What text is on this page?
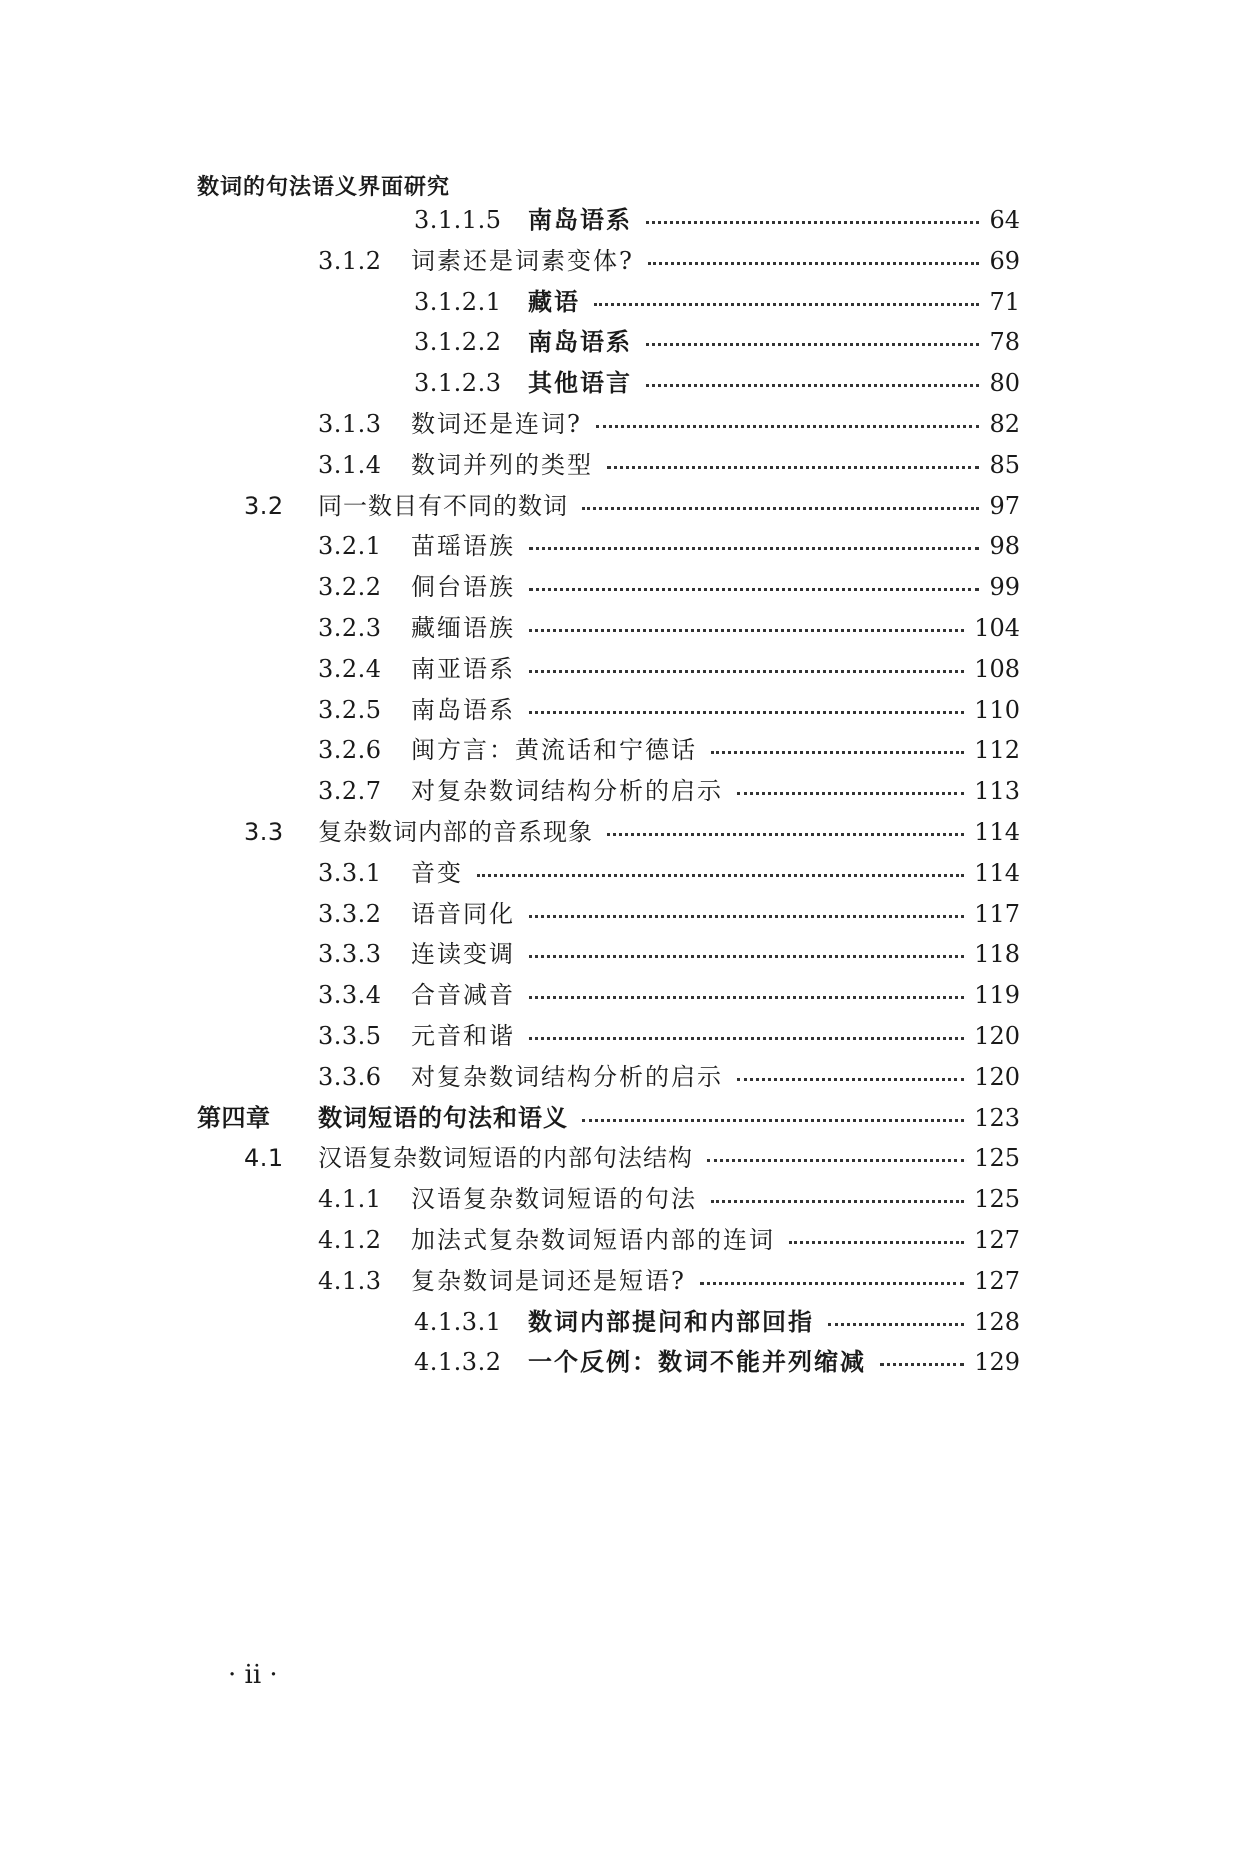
数词的句法语义界面研究
3.1.1.5 南岛语系	64
3.1.2 词素还是词素变体?	69
3.1.2.1 藏语	71
3.1.2.2 南岛语系	78
3.1.2.3 其他语言	80
3.1.3 数词还是连词?	82
3.1.4 数词并列的类型	85
3.2 同一数目有不同的数词	97
3.2.1 苗瑶语族	98
3.2.2 侗台语族	99
3.2.3 藏缅语族	104
3.2.4 南亚语系	108
3.2.5 南岛语系	110
3.2.6 闽方言：黄流话和宁德话	112
3.2.7 对复杂数词结构分析的启示	113
3.3 复杂数词内部的音系现象	114
3.3.1 音变	114
3.3.2 语音同化	117
3.3.3 连读变调	118
3.3.4 合音减音	119
3.3.5 元音和谐	120
3.3.6 对复杂数词结构分析的启示	120
第四章 数词短语的句法和语义	123
4.1 汉语复杂数词短语的内部句法结构	125
4.1.1 汉语复杂数词短语的句法	125
4.1.2 加法式复杂数词短语内部的连词	127
4.1.3 复杂数词是词还是短语?	127
4.1.3.1 数词内部提问和内部回指	128
4.1.3.2 一个反例：数词不能并列缩减	129
· ii ·
